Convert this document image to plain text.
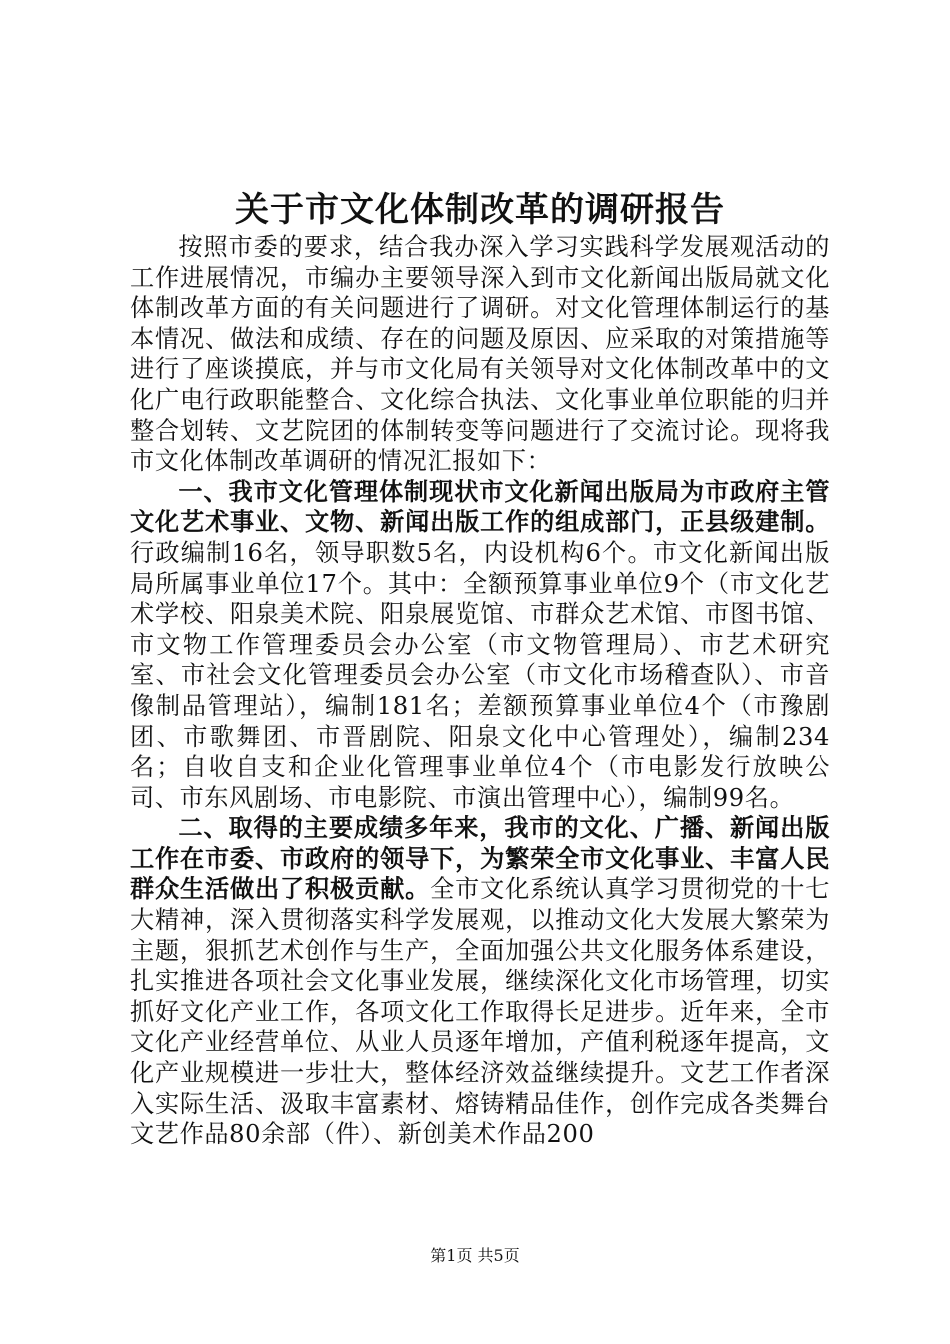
关于市文化体制改革的调研报告

按照市委的要求，结合我办深入学习实践科学发展观活动的工作进展情况，市编办主要领导深入到市文化新闻出版局就文化体制改革方面的有关问题进行了调研。对文化管理体制运行的基本情况、做法和成绩、存在的问题及原因、应采取的对策措施等进行了座谈摸底，并与市文化局有关领导对文化体制改革中的文化广电行政职能整合、文化综合执法、文化事业单位职能的归并整合划转、文艺院团的体制转变等问题进行了交流讨论。现将我市文化体制改革调研的情况汇报如下：

一、我市文化管理体制现状市文化新闻出版局为市政府主管文化艺术事业、文物、新闻出版工作的组成部门，正县级建制。行政编制16名，领导职数5名，内设机构6个。市文化新闻出版局所属事业单位17个。其中：全额预算事业单位9个（市文化艺术学校、阳泉美术院、阳泉展览馆、市群众艺术馆、市图书馆、市文物工作管理委员会办公室（市文物管理局）、市艺术研究室、市社会文化管理委员会办公室（市文化市场稽查队）、市音像制品管理站），编制181名；差额预算事业单位4个（市豫剧团、市歌舞团、市晋剧院、阳泉文化中心管理处），编制234名；自收自支和企业化管理事业单位4个（市电影发行放映公司、市东风剧场、市电影院、市演出管理中心），编制99名。

二、取得的主要成绩多年来，我市的文化、广播、新闻出版工作在市委、市政府的领导下，为繁荣全市文化事业、丰富人民群众生活做出了积极贡献。全市文化系统认真学习贯彻党的十七大精神，深入贯彻落实科学发展观，以推动文化大发展大繁荣为主题，狠抓艺术创作与生产，全面加强公共文化服务体系建设，扎实推进各项社会文化事业发展，继续深化文化市场管理，切实抓好文化产业工作，各项文化工作取得长足进步。近年来，全市文化产业经营单位、从业人员逐年增加，产值利税逐年提高，文化产业规模进一步壮大，整体经济效益继续提升。文艺工作者深入实际生活、汲取丰富素材、熔铸精品佳作，创作完成各类舞台文艺作品80余部（件）、新创美术作品200

第1页 共5页
